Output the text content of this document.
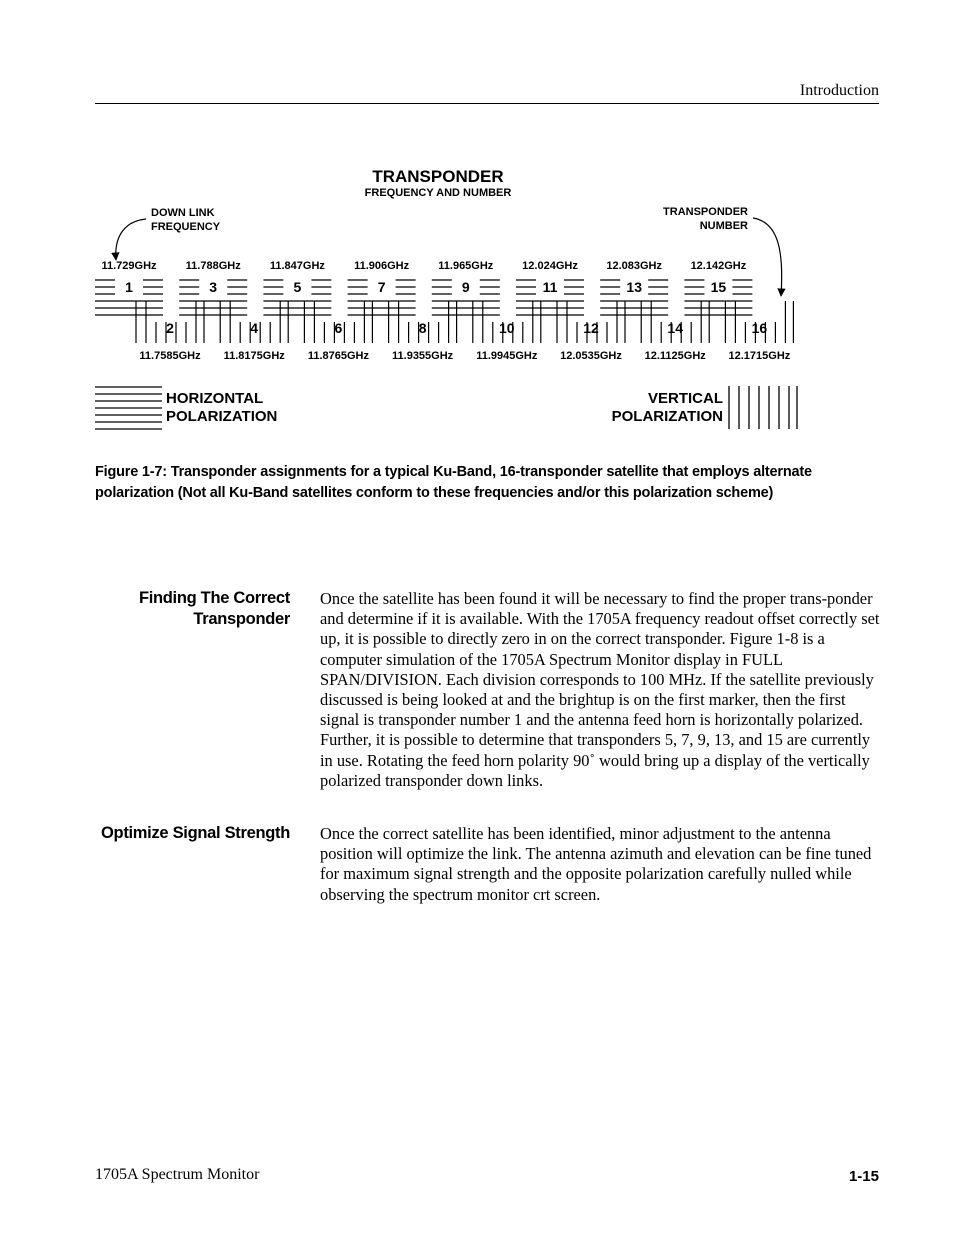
Introduction
TRANSPONDER
FREQUENCY AND NUMBER
DOWN LINK
FREQUENCY
TRANSPONDER
NUMBER
11.729GHz
1
11.788GHz
3
11.847GHz
5
11.906GHz
7
11.965GHz
9
12.024GHz
11
12.083GHz
13
12.142GHz
15
2
11.7585GHz
4
11.8175GHz
6
11.8765GHz
8
11.9355GHz
10
11.9945GHz
12
12.0535GHz
14
12.1125GHz
16
12.1715GHz
HORIZONTAL
POLARIZATION
VERTICAL
POLARIZATION
Figure 1-7: Transponder assignments for a typical Ku-Band, 16-transponder satellite that employs alternate polarization (Not all Ku-Band satellites conform to these frequencies and/or this polarization scheme)
Finding The Correct
Transponder
Once the satellite has been found it will be necessary to find the proper trans-ponder and determine if it is available. With the 1705A frequency readout offset correctly set up, it is possible to directly zero in on the correct transponder. Figure 1-8 is a computer simulation of the 1705A Spectrum Monitor display in FULL SPAN/DIVISION. Each division corresponds to 100 MHz. If the satellite previously discussed is being looked at and the brightup is on the first marker, then the first signal is transponder number 1 and the antenna feed horn is horizontally polarized. Further, it is possible to determine that transponders 5, 7, 9, 13, and 15 are currently in use. Rotating the feed horn polarity 90˚ would bring up a display of the vertically polarized transponder down links.
Optimize Signal Strength Once the correct satellite has been identified, minor adjustment to the antenna position will optimize the link. The antenna azimuth and elevation can be fine tuned for maximum signal strength and the opposite polarization carefully nulled while observing the spectrum monitor crt screen.
1705A Spectrum Monitor	1-15
